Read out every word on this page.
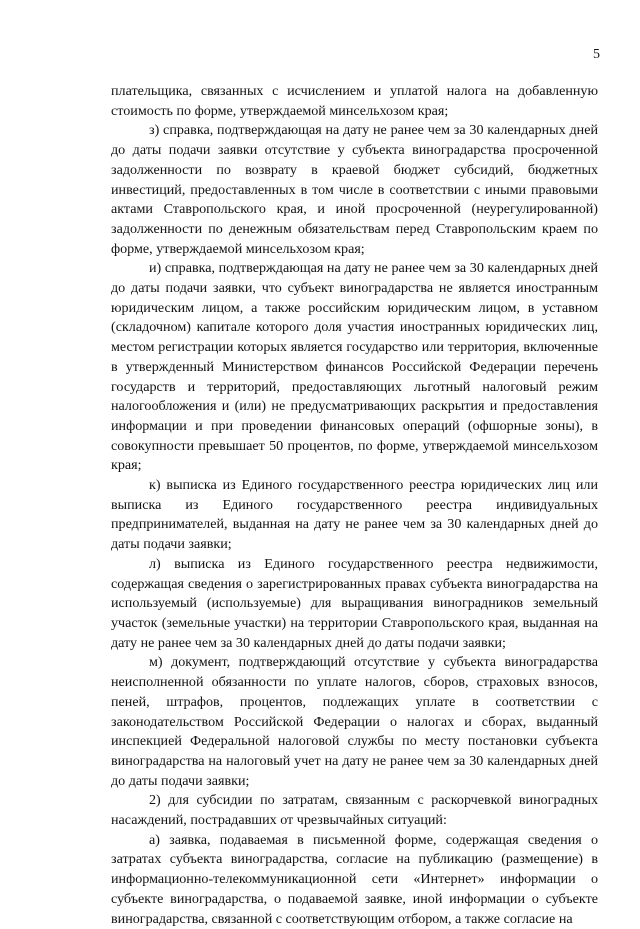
5

плательщика, связанных с исчислением и уплатой налога на добавленную стоимость по форме, утверждаемой минсельхозом края;

з) справка, подтверждающая на дату не ранее чем за 30 календарных дней до даты подачи заявки отсутствие у субъекта виноградарства просроченной задолженности по возврату в краевой бюджет субсидий, бюджетных инвестиций, предоставленных в том числе в соответствии с иными правовыми актами Ставропольского края, и иной просроченной (неурегулированной) задолженности по денежным обязательствам перед Ставропольским краем по форме, утверждаемой минсельхозом края;

и) справка, подтверждающая на дату не ранее чем за 30 календарных дней до даты подачи заявки, что субъект виноградарства не является иностранным юридическим лицом, а также российским юридическим лицом, в уставном (складочном) капитале которого доля участия иностранных юридических лиц, местом регистрации которых является государство или территория, включенные в утвержденный Министерством финансов Российской Федерации перечень государств и территорий, предоставляющих льготный налоговый режим налогообложения и (или) не предусматривающих раскрытия и предоставления информации и при проведении финансовых операций (офшорные зоны), в совокупности превышает 50 процентов, по форме, утверждаемой минсельхозом края;

к) выписка из Единого государственного реестра юридических лиц или выписка из Единого государственного реестра индивидуальных предпринимателей, выданная на дату не ранее чем за 30 календарных дней до даты подачи заявки;

л) выписка из Единого государственного реестра недвижимости, содержащая сведения о зарегистрированных правах субъекта виноградарства на используемый (используемые) для выращивания виноградников земельный участок (земельные участки) на территории Ставропольского края, выданная на дату не ранее чем за 30 календарных дней до даты подачи заявки;

м) документ, подтверждающий отсутствие у субъекта виноградарства неисполненной обязанности по уплате налогов, сборов, страховых взносов, пеней, штрафов, процентов, подлежащих уплате в соответствии с законодательством Российской Федерации о налогах и сборах, выданный инспекцией Федеральной налоговой службы по месту постановки субъекта виноградарства на налоговый учет на дату не ранее чем за 30 календарных дней до даты подачи заявки;

2) для субсидии по затратам, связанным с раскорчевкой виноградных насаждений, пострадавших от чрезвычайных ситуаций:

а) заявка, подаваемая в письменной форме, содержащая сведения о затратах субъекта виноградарства, согласие на публикацию (размещение) в информационно-телекоммуникационной сети «Интернет» информации о субъекте виноградарства, о подаваемой заявке, иной информации о субъекте виноградарства, связанной с соответствующим отбором, а также согласие на
